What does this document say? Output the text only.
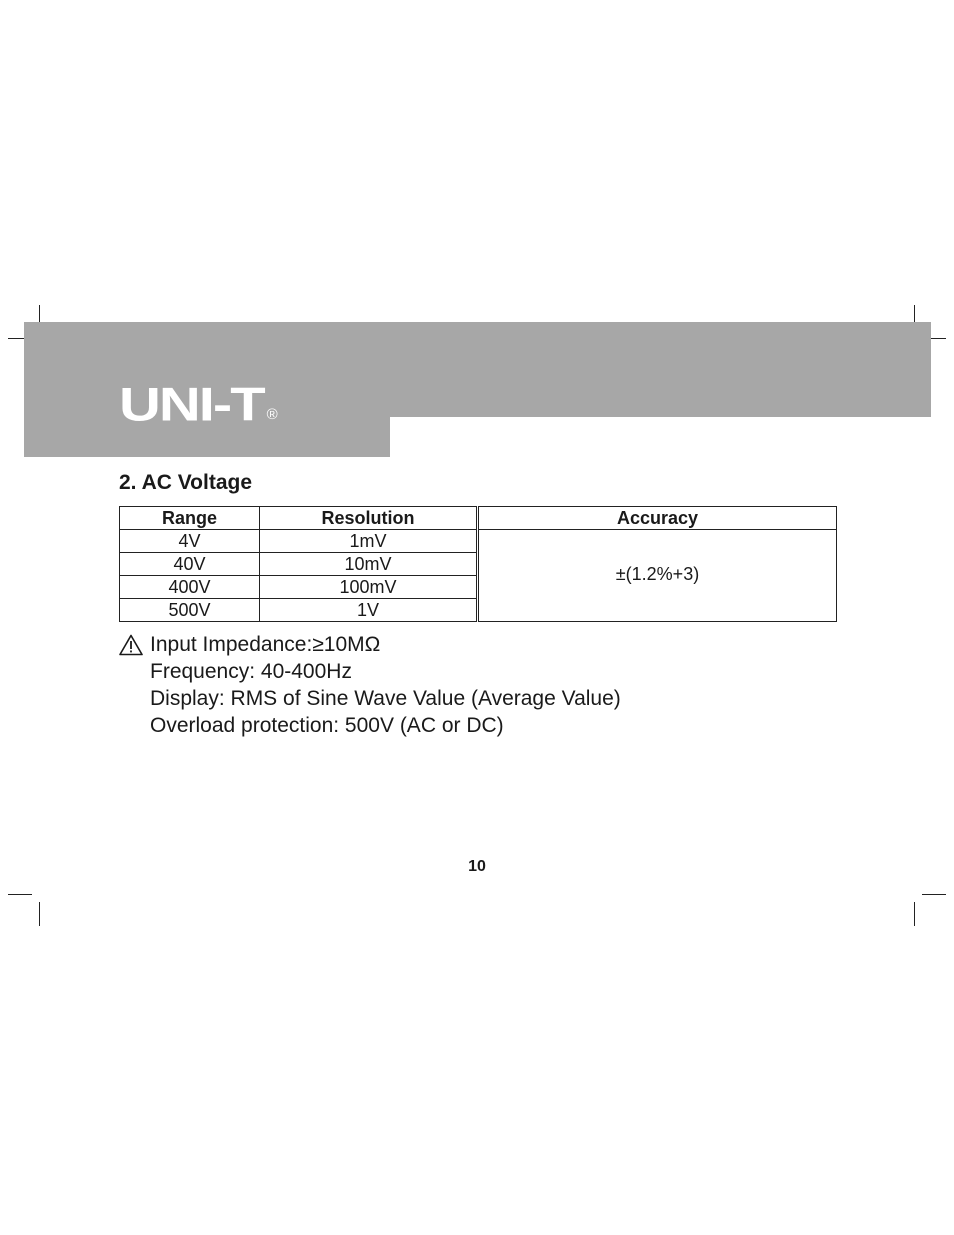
UNI-T ®
2. AC Voltage
Range	Resolution		Accuracy
4V	1mV		±(1.2%+3)
40V	10mV		
400V	100mV		
500V	1V		
Input Impedance:≥10MΩ
Frequency: 40-400Hz
Display: RMS of Sine Wave Value (Average Value)
Overload protection: 500V (AC or DC)
10
